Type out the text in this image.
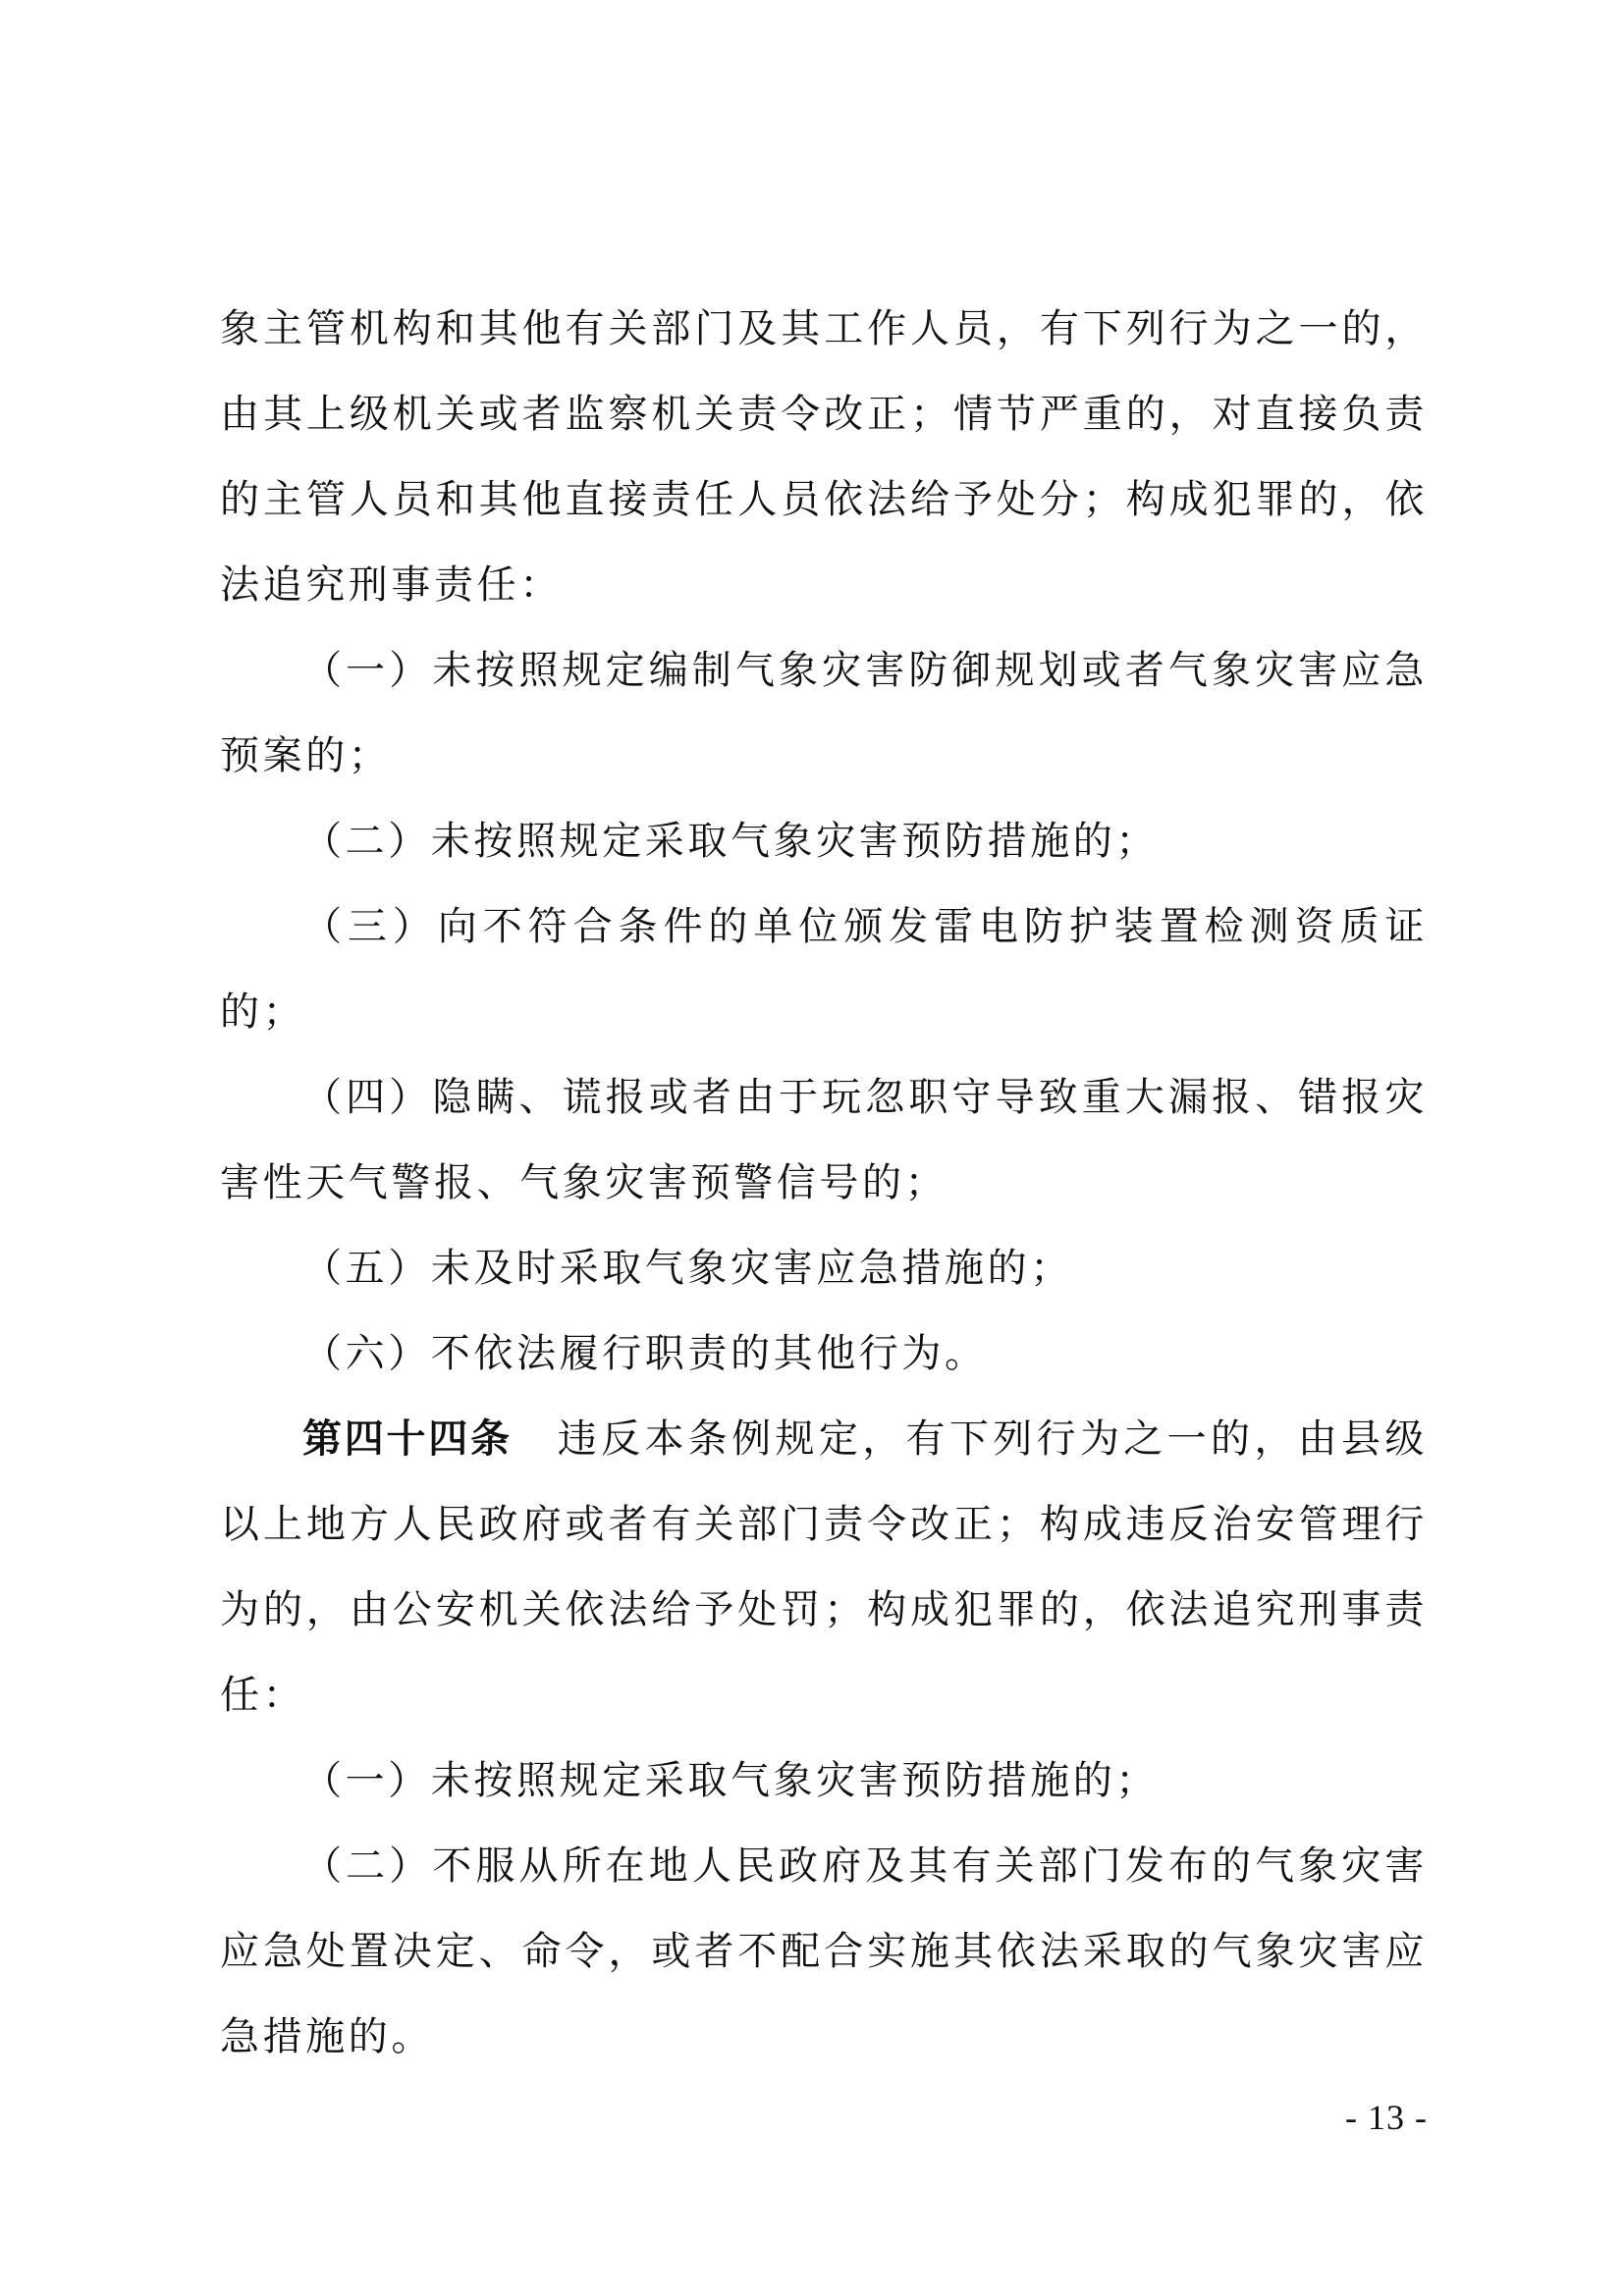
象主管机构和其他有关部门及其工作人员，有下列行为之一的，由其上级机关或者监察机关责令改正；情节严重的，对直接负责的主管人员和其他直接责任人员依法给予处分；构成犯罪的，依法追究刑事责任：

（一）未按照规定编制气象灾害防御规划或者气象灾害应急预案的；

（二）未按照规定采取气象灾害预防措施的；

（三）向不符合条件的单位颁发雷电防护装置检测资质证的；

（四）隐瞒、谎报或者由于玩忽职守导致重大漏报、错报灾害性天气警报、气象灾害预警信号的；

（五）未及时采取气象灾害应急措施的；

（六）不依法履行职责的其他行为。

第四十四条 违反本条例规定，有下列行为之一的，由县级以上地方人民政府或者有关部门责令改正；构成违反治安管理行为的，由公安机关依法给予处罚；构成犯罪的，依法追究刑事责任：

（一）未按照规定采取气象灾害预防措施的；

（二）不服从所在地人民政府及其有关部门发布的气象灾害应急处置决定、命令，或者不配合实施其依法采取的气象灾害应急措施的。

- 13 -
